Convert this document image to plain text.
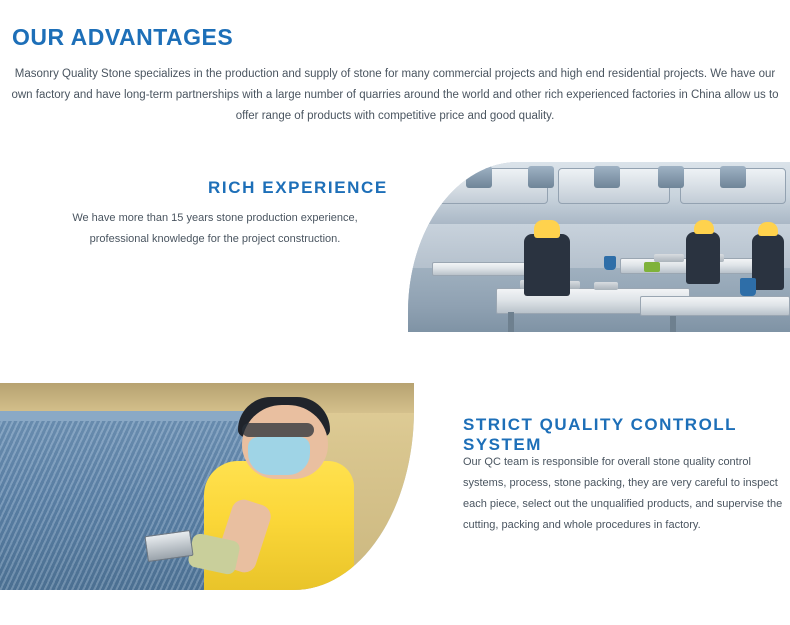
OUR ADVANTAGES
Masonry Quality Stone specializes in the production and supply of stone for many commercial projects and high end residential projects. We have our own factory and have long-term partnerships with a large number of quarries around the world and other rich experienced factories in China allow us to offer range of products with competitive price and good quality.
RICH EXPERIENCE
We have more than 15 years stone production experience, professional knowledge for the project construction.
STRICT QUALITY CONTROLL SYSTEM
Our QC team is responsible for overall stone quality control systems, process, stone packing, they are very careful to inspect each piece, select out the unqualified products, and supervise the cutting, packing and whole procedures in factory.
